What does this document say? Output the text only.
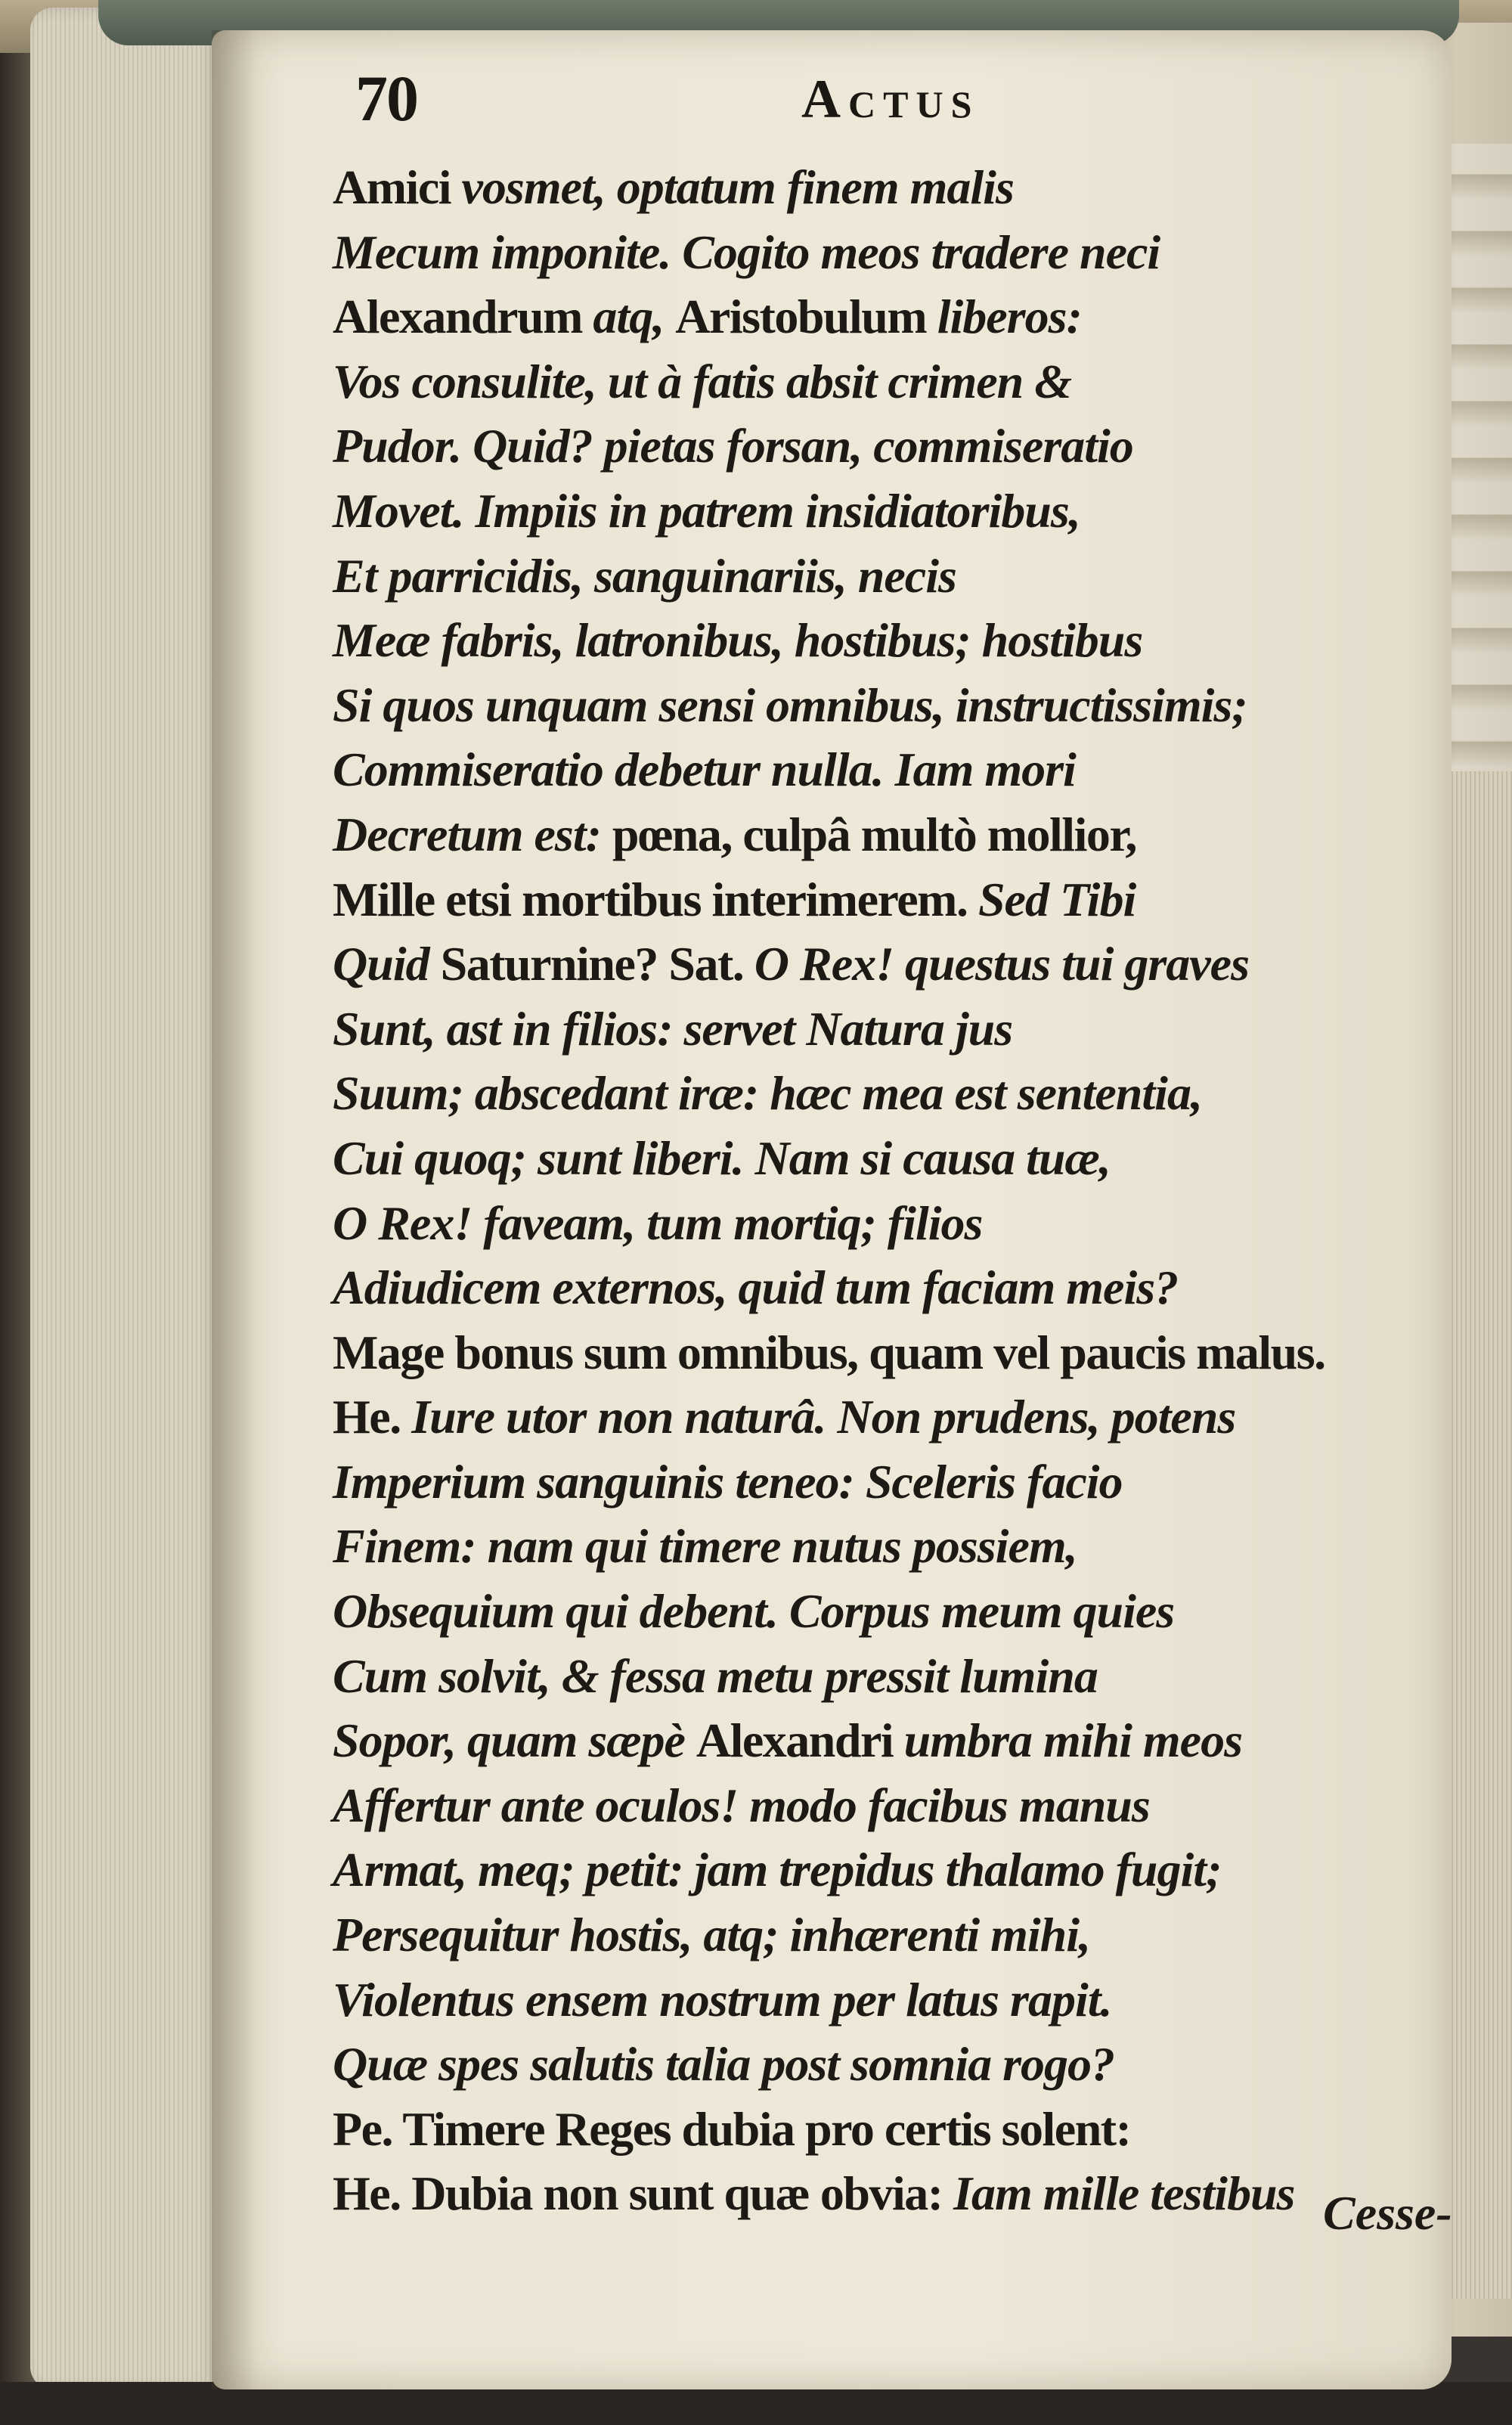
70	Actus
Amici vosmet, optatum finem malis
Mecum imponite. Cogito meos tradere neci
Alexandrum atq, Aristobulum liberos:
Vos consulite, ut à fatis absit crimen &
Pudor. Quid? pietas forsan, commiseratio
Movet. Impiis in patrem insidiatoribus,
Et parricidis, sanguinariis, necis
Meæ fabris, latronibus, hostibus; hostibus
Si quos unquam sensi omnibus, instructissimis;
Commiseratio debetur nulla. Iam mori
Decretum est: pœna, culpâ multò mollior,
Mille etsi mortibus interimerem. Sed Tibi
Quid Saturnine? Sat. O Rex! questus tui graves
Sunt, ast in filios: servet Natura jus
Suum; abscedant iræ: hæc mea est sententia,
Cui quoq; sunt liberi. Nam si causa tuæ,
O Rex! faveam, tum mortiq; filios
Adiudicem externos, quid tum faciam meis?
Mage bonus sum omnibus, quam vel paucis malus.
He. Iure utor non naturâ. Non prudens, potens
Imperium sanguinis teneo: Sceleris facio
Finem: nam qui timere nutus possiem,
Obsequium qui debent. Corpus meum quies
Cum solvit, & fessa metu pressit lumina
Sopor, quam sæpè Alexandri umbra mihi meos
Affertur ante oculos! modo facibus manus
Armat, meq; petit: jam trepidus thalamo fugit;
Persequitur hostis, atq; inhærenti mihi,
Violentus ensem nostrum per latus rapit.
Quæ spes salutis talia post somnia rogo?
Pe. Timere Reges dubia pro certis solent:
He. Dubia non sunt quæ obvia: Iam mille testibus Cesse-
